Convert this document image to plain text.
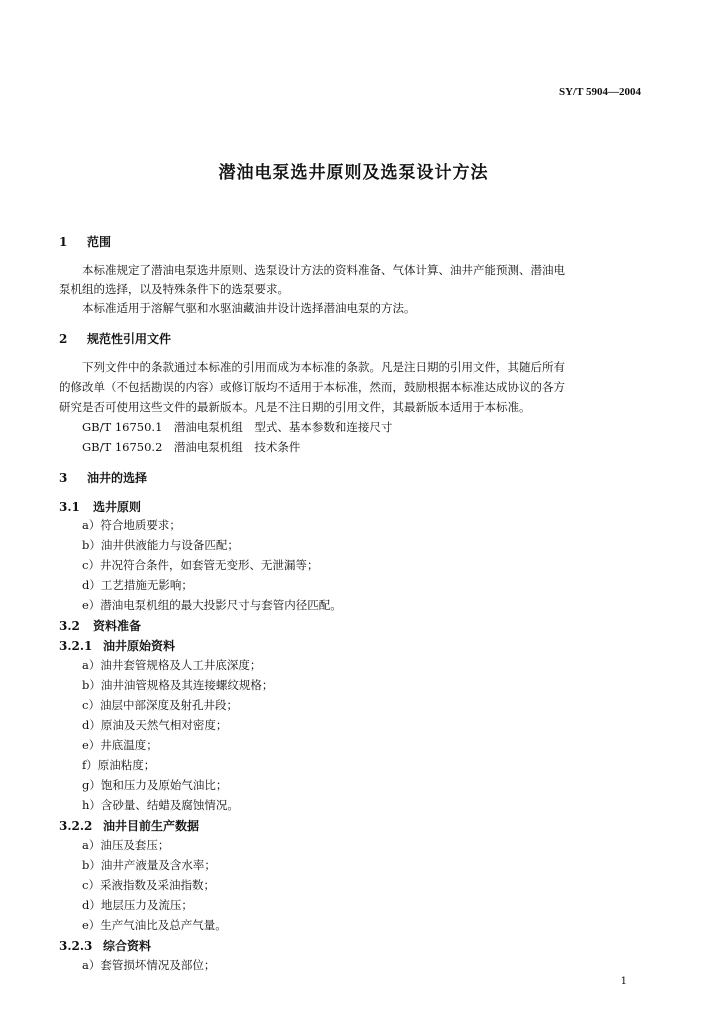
SY/T 5904—2004
潜油电泵选井原则及选泵设计方法
1 范围
本标准规定了潜油电泵选井原则、选泵设计方法的资料准备、气体计算、油井产能预测、潜油电
泵机组的选择，以及特殊条件下的选泵要求。
本标准适用于溶解气驱和水驱油藏油井设计选择潜油电泵的方法。
2 规范性引用文件
下列文件中的条款通过本标准的引用而成为本标准的条款。凡是注日期的引用文件，其随后所有
的修改单（不包括勘误的内容）或修订版均不适用于本标准，然而，鼓励根据本标准达成协议的各方
研究是否可使用这些文件的最新版本。凡是不注日期的引用文件，其最新版本适用于本标准。
GB/T 16750.1　潜油电泵机组　型式、基本参数和连接尺寸
GB/T 16750.2　潜油电泵机组　技术条件
3 油井的选择
3.1 选井原则
a）符合地质要求；
b）油井供液能力与设备匹配；
c）井况符合条件，如套管无变形、无泄漏等；
d）工艺措施无影响；
e）潜油电泵机组的最大投影尺寸与套管内径匹配。
3.2 资料准备
3.2.1 油井原始资料
a）油井套管规格及人工井底深度；
b）油井油管规格及其连接螺纹规格；
c）油层中部深度及射孔井段；
d）原油及天然气相对密度；
e）井底温度；
f）原油粘度；
g）饱和压力及原始气油比；
h）含砂量、结蜡及腐蚀情况。
3.2.2 油井目前生产数据
a）油压及套压；
b）油井产液量及含水率；
c）采液指数及采油指数；
d）地层压力及流压；
e）生产气油比及总产气量。
3.2.3 综合资料
a）套管损坏情况及部位；
1
